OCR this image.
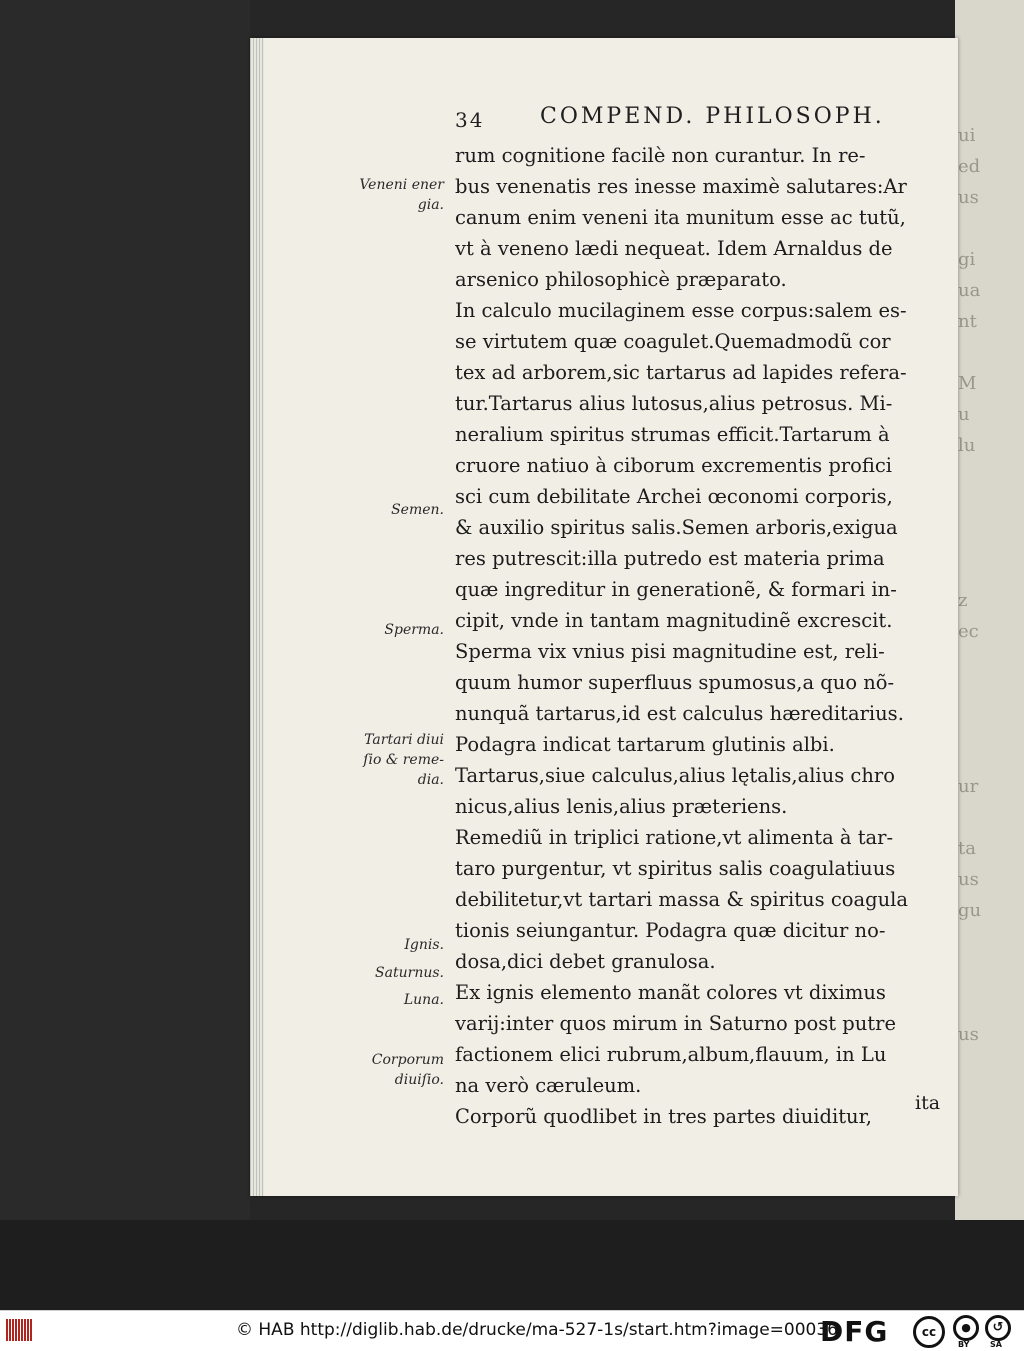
ui
ed
us

gi
ua
nt

M
u
lu

z
ec

ur

ta
us
gu

us

34	COMPEND. PHILOSOPH.
rum cognitione facilè non curantur. In re-
bus venenatis res inesse maximè salutares:Ar
canum enim veneni ita munitum esse ac tutũ,
vt à veneno lædi nequeat. Idem Arnaldus de
arsenico philosophicè præparato.
In calculo mucilaginem esse corpus:salem es-
se virtutem quæ coagulet.Quemadmodũ cor
tex ad arborem,sic tartarus ad lapides refera-
tur.Tartarus alius lutosus,alius petrosus. Mi-
neralium spiritus strumas efficit.Tartarum à
cruore natiuo à ciborum excrementis profici
sci cum debilitate Archei œconomi corporis,
& auxilio spiritus salis.Semen arboris,exigua
res putrescit:illa putredo est materia prima
quæ ingreditur in generationẽ, & formari in-
cipit, vnde in tantam magnitudinẽ excrescit.
Sperma vix vnius pisi magnitudine est, reli-
quum humor superfluus spumosus,a quo nõ-
nunquã tartarus,id est calculus hæreditarius.
Podagra indicat tartarum glutinis albi.
Tartarus,siue calculus,alius lętalis,alius chro
nicus,alius lenis,alius præteriens.
Remediũ in triplici ratione,vt alimenta à tar-
taro purgentur, vt spiritus salis coagulatiuus
debilitetur,vt tartari massa & spiritus coagula
tionis seiungantur. Podagra quæ dicitur no-
dosa,dici debet granulosa.
Ex ignis elemento manãt colores vt diximus
varij:inter quos mirum in Saturno post putre
factionem elici rubrum,album,flauum, in Lu
na verò cæruleum.
Corporũ quodlibet in tres partes diuiditur,
Veneni ener
gia.
Semen.
Sperma.
Tartari diui
ſio & reme-
dia.
Ignis.
Saturnus.
Luna.
Corporum
diuiſio.
ita
© HAB http://diglib.hab.de/drucke/ma-527-1s/start.htm?image=00036
DFG	cc	●	↺
BY	SA
